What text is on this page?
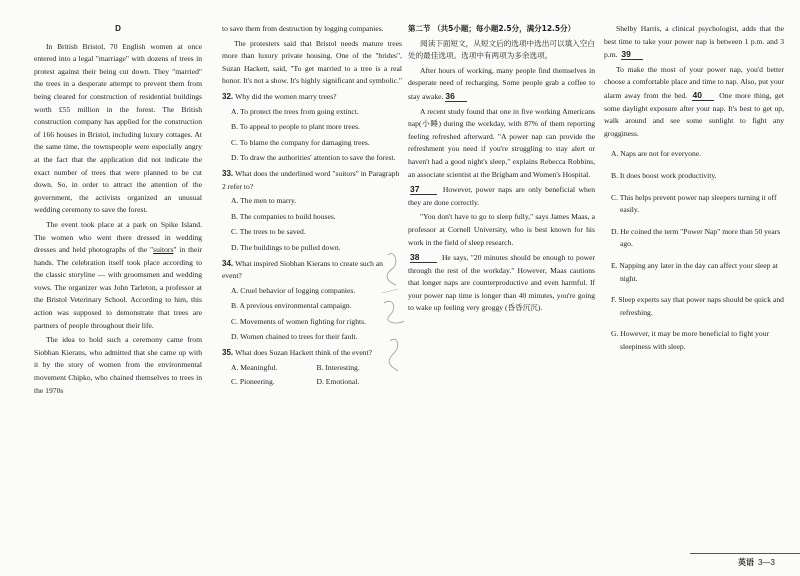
D

In British Bristol, 70 English women at once entered into a legal "marriage" with dozens of trees in protest against their being cut down. They "married" the trees in a desperate attempt to prevent them from being cleared for construction of residential buildings worth £55 million in the forest. The British construction company has applied for the construction of 166 houses in Bristol, including luxury cottages. At the same time, the townspeople were especially angry at the fact that the application did not indicate the exact number of trees that were planned to be cut down. So, in order to attract the attention of the government, the activists organized an unusual wedding ceremony to save the forest.

The event took place at a park on Spike Island. The women who went there dressed in wedding dresses and held photographs of the "suitors" in their hands. The celebration itself took place according to the classic storyline — with groomsmen and wedding vows. The organizer was John Tarleton, a professor at the Bristol Veterinary School. According to him, this action was supposed to demonstrate that trees are partners of people throughout their life.

The idea to hold such a ceremony came from Siobhan Kierans, who admitted that she came up with it by the story of women from the environmental movement Chipko, who chained themselves to trees in the 1970s

to save them from destruction by logging companies.

The protesters said that Bristol needs mature trees more than luxury private housing. One of the "brides", Suzan Hackett, said, "To get married to a tree is a real honor. It's not a show. It's highly significant and symbolic."

32. Why did the women marry trees?
A. To protect the trees from going extinct.
B. To appeal to people to plant more trees.
C. To blame the company for damaging trees.
D. To draw the authorities' attention to save the forest.
33. What does the underlined word "suitors" in Paragraph 2 refer to?
A. The men to marry.
B. The companies to build houses.
C. The trees to be saved.
D. The buildings to be pulled down.
34. What inspired Siobhan Kierans to create such an event?
A. Cruel behavior of logging companies.
B. A previous environmental campaign.
C. Movements of women fighting for rights.
D. Women chained to trees for their fault.
35. What does Suzan Hackett think of the event?
A. Meaningful.	B. Interesting.
C. Pioneering.	D. Emotional.
第二节 （共5小题；每小题2.5分，满分12.5分）

阅读下面短文，从短文后的选项中选出可以填入空白处的最佳选项。选项中有两项为多余选项。

After hours of working, many people find themselves in desperate need of recharging. Some people grab a coffee to stay awake. 36

A recent study found that one in five working Americans nap(小睡) during the workday, with 87% of them reporting feeling refreshed afterward. "A power nap can provide the refreshment you need if you're struggling to stay alert or haven't had a good night's sleep," explains Rebecca Robbins, an associate scientist at the Brigham and Women's Hospital.

37	However, power naps are only beneficial when they are done correctly.

"You don't have to go to sleep fully," says James Maas, a professor at Cornell University, who is best known for his work in the field of sleep research.

38	He says, "20 minutes should be enough to power through the rest of the workday." However, Maas cautions that longer naps are counterproductive and even harmful. If your power nap time is longer than 40 minutes, you're going to wake up feeling very groggy (昏昏沉沉).

Shelby Harris, a clinical psychologist, adds that the best time to take your power nap is between 1 p.m. and 3 p.m. 39

To make the most of your power nap, you'd better choose a comfortable place and time to nap. Also, put your alarm away from the bed. 40 One more thing, get some daylight exposure after your nap. It's best to get up, walk around and see some sunlight to fight any grogginess.

A. Naps are not for everyone.
B. It does boost work productivity.
C. This helps prevent power nap sleepers turning it off easily.
D. He coined the term "Power Nap" more than 50 years ago.
E. Napping any later in the day can affect your sleep at night.
F. Sleep experts say that power naps should be quick and refreshing.
G. However, it may be more beneficial to fight your sleepiness with sleep.
英语 3—3
